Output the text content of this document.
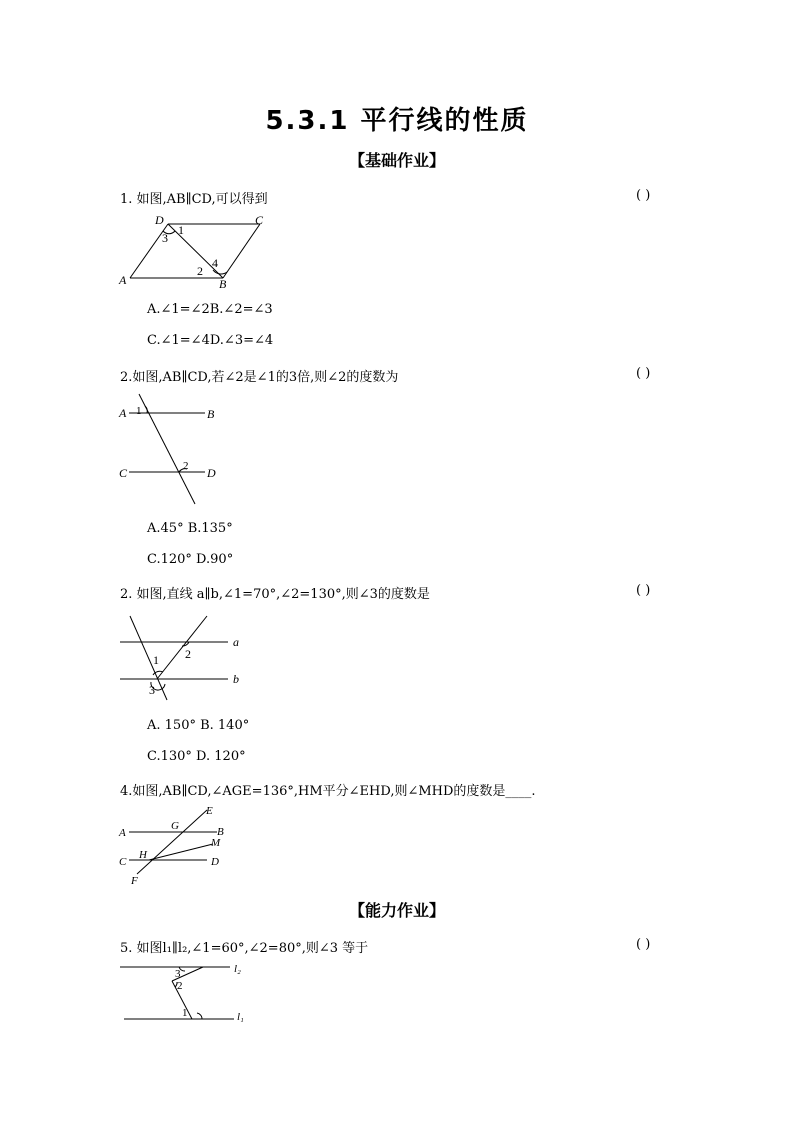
5.3.1 平行线的性质
【基础作业】
1. 如图,AB∥CD,可以得到	( )
D	C
A	B
1
3
2
4
A.∠1=∠2B.∠2=∠3
C.∠1=∠4D.∠3=∠4
2.如图,AB∥CD,若∠2是∠1的3倍,则∠2的度数为	( )
A	B
C	D
1
2
A.45° B.135°
C.120° D.90°
2. 如图,直线 a∥b,∠1=70°,∠2=130°,则∠3的度数是	( )
a
b
1 2
3
A. 150° B. 140°
C.130° D. 120°
4.如图,AB∥CD,∠AGE=136°,HM平分∠EHD,则∠MHD的度数是____.
A	B
C	D
E
F
G
H
M
【能力作业】
5. 如图l₁∥l₂,∠1=60°,∠2=80°,则∠3 等于	( )
l₂
l₁
3
2
1
